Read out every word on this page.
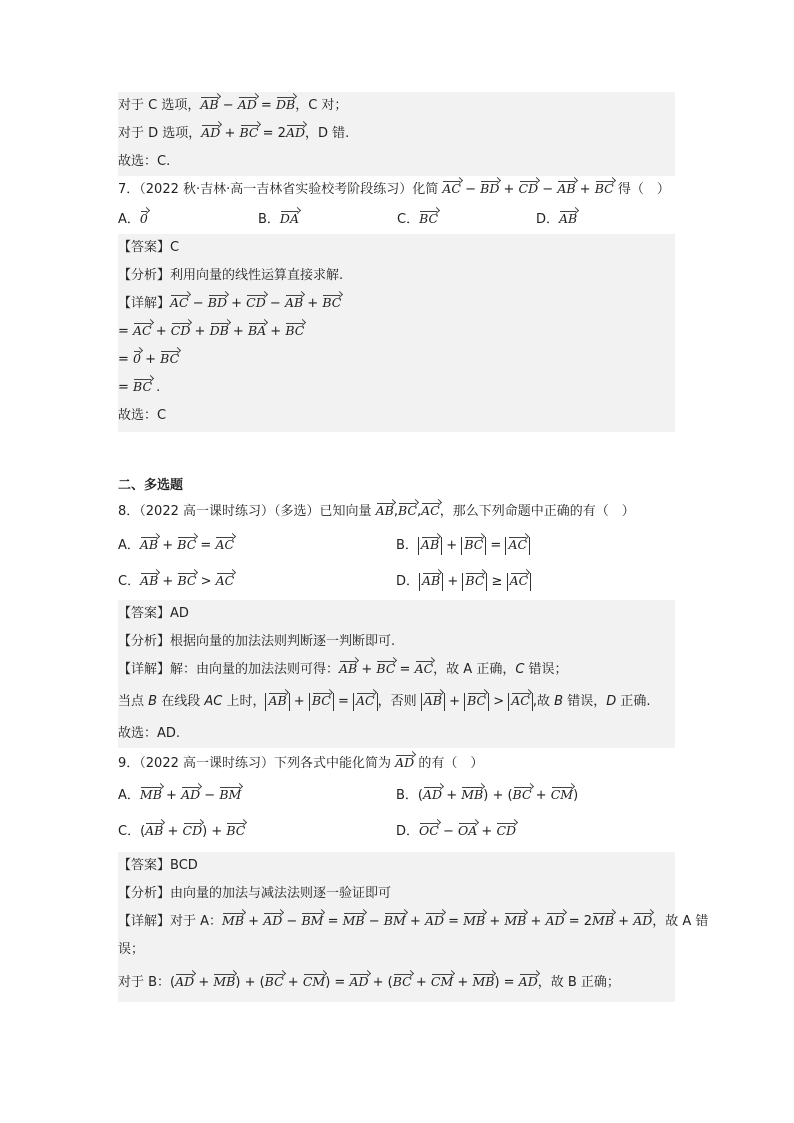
对于 C 选项，AB − AD = DB，C 对；
对于 D 选项，AD + BC = 2AD，D 错.
故选：C.
7．（2022 秋·吉林·高一吉林省实验校考阶段练习）化简 AC − BD + CD − AB + BC 得（　）
A．0	B．DA	C．BC	D．AB
【答案】C
【分析】利用向量的线性运算直接求解.
【详解】AC − BD + CD − AB + BC
= AC + CD + DB + BA + BC
= 0 + BC
= BC .
故选：C
二、多选题
8．（2022 高一课时练习）（多选）已知向量 AB,BC,AC，那么下列命题中正确的有（　）
A．AB + BC = AC	B． AB + BC = AC
C．AB + BC > AC	D． AB + BC ≥ AC
【答案】AD
【分析】根据向量的加法法则判断逐一判断即可.
【详解】解：由向量的加法法则可得：AB + BC = AC，故 A 正确，C 错误；
当点 B 在线段 AC 上时， AB + BC = AC ，否则 AB + BC > AC ,故 B 错误，D 正确.
故选：AD.
9．（2022 高一课时练习）下列各式中能化简为 AD 的有（　）
A．MB + AD − BM	B．(AD + MB) + (BC + CM)
C．(AB + CD) + BC	D．OC − OA + CD
【答案】BCD
【分析】由向量的加法与减法法则逐一验证即可
【详解】对于 A：MB + AD − BM = MB − BM + AD = MB + MB + AD = 2MB + AD，故 A 错
误；
对于 B：(AD + MB) + (BC + CM) = AD + (BC + CM + MB) = AD，故 B 正确；
